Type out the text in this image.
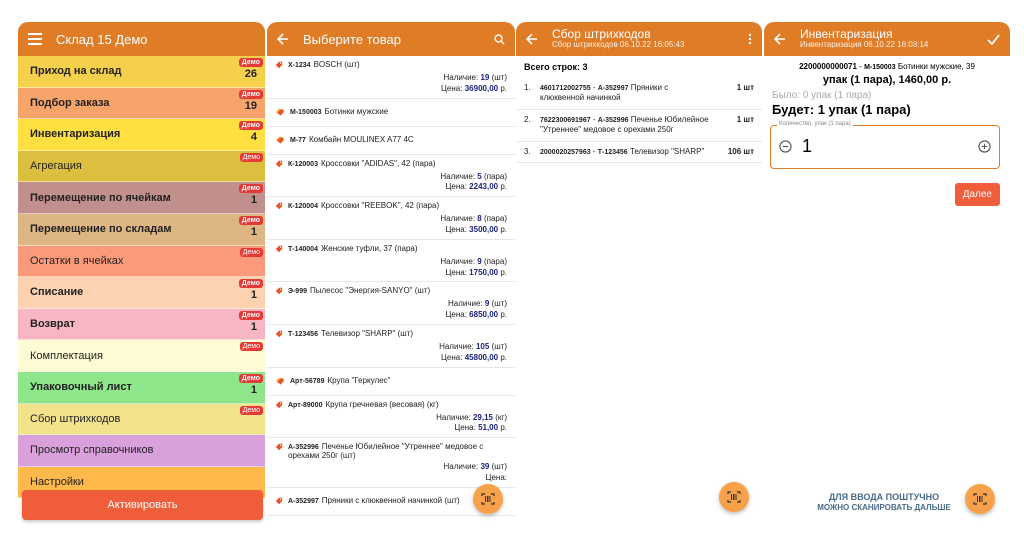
Склад 15 Демо
Приход на склад
Демо
26
Подбор заказа
Демо
19
Инвентаризация
Демо
4
Агрегация
Демо
Перемещение по ячейкам
Демо
1
Перемещение по складам
Демо
1
Остатки в ячейках
Демо
Списание
Демо
1
Возврат
Демо
1
Комплектация
Демо
Упаковочный лист
Демо
1
Сбор штрихкодов
Демо
Просмотр справочников
Настройки
Активировать
Выберите товар
X-1234 BOSCH (шт)
Наличие: 19 (шт)
Цена: 36900,00 р.
М-150003 Ботинки мужские
M-77 Комбайн MOULINEX A77 4C
К-120003 Кроссовки "ADIDAS", 42 (пара)
Наличие: 5 (пара)
Цена: 2243,00 р.
К-120004 Кроссовки "REEBOK", 42 (пара)
Наличие: 8 (пара)
Цена: 3500,00 р.
Т-140004 Женские туфли, 37 (пара)
Наличие: 9 (пара)
Цена: 1750,00 р.
Э-999 Пылесос "Энергия-SANYO" (шт)
Наличие: 9 (шт)
Цена: 6850,00 р.
Т-123456 Телевизор "SHARP" (шт)
Наличие: 105 (шт)
Цена: 45800,00 р.
Арт-56789 Крупа "Геркулес"
Арт-89000 Крупа гречневая (весовая) (кг)
Наличие: 29,15 (кг)
Цена: 51,00 р.
А-352996 Печенье Юбилейное "Утреннее" медовое с орехами 250г (шт)
Наличие: 39 (шт)
Цена:
А-352997 Пряники с клюквенной начинкой (шт)
Сбор штрихкодов
Сбор штрихкодов 06.10.22 16:05:43
Всего строк: 3
1.	4601712002755 - А-352997 Пряники с клюквенной начинкой
1 шт
2.	7622300691967 - А-352996 Печенье Юбилейное "Утреннее" медовое с орехами 250г
1 шт
3.	2000020257963 - Т-123456 Телевизор "SHARP"	106 шт
Инвентаризация
Инвентаризация 06.10.22 16:03:14
2200000000071 - М-150003 Ботинки мужские, 39
упак (1 пара), 1460,00 р.
Было: 0 упак (1 пара)
Будет: 1 упак (1 пара)
Количество, упак (1 пара)
1
Далее
ДЛЯ ВВОДА ПОШТУЧНО
МОЖНО СКАНИРОВАТЬ ДАЛЬШЕ
